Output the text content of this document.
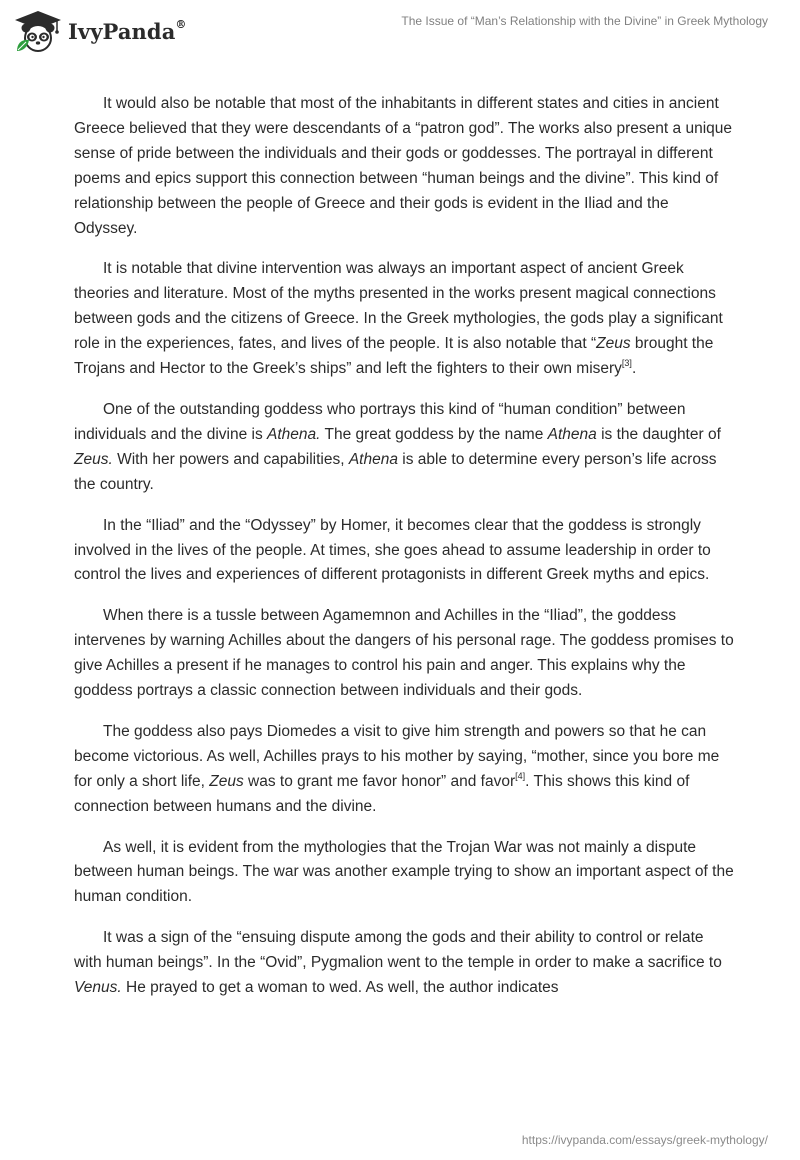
IvyPanda®	The Issue of “Man’s Relationship with the Divine” in Greek Mythology

It would also be notable that most of the inhabitants in different states and cities in ancient Greece believed that they were descendants of a “patron god”. The works also present a unique sense of pride between the individuals and their gods or goddesses. The portrayal in different poems and epics support this connection between “human beings and the divine”. This kind of relationship between the people of Greece and their gods is evident in the Iliad and the Odyssey.

It is notable that divine intervention was always an important aspect of ancient Greek theories and literature. Most of the myths presented in the works present magical connections between gods and the citizens of Greece. In the Greek mythologies, the gods play a significant role in the experiences, fates, and lives of the people. It is also notable that “Zeus brought the Trojans and Hector to the Greek’s ships” and left the fighters to their own misery[3].

One of the outstanding goddess who portrays this kind of “human condition” between individuals and the divine is Athena. The great goddess by the name Athena is the daughter of Zeus. With her powers and capabilities, Athena is able to determine every person’s life across the country.

In the “Iliad” and the “Odyssey” by Homer, it becomes clear that the goddess is strongly involved in the lives of the people. At times, she goes ahead to assume leadership in order to control the lives and experiences of different protagonists in different Greek myths and epics.

When there is a tussle between Agamemnon and Achilles in the “Iliad”, the goddess intervenes by warning Achilles about the dangers of his personal rage. The goddess promises to give Achilles a present if he manages to control his pain and anger. This explains why the goddess portrays a classic connection between individuals and their gods.

The goddess also pays Diomedes a visit to give him strength and powers so that he can become victorious. As well, Achilles prays to his mother by saying, “mother, since you bore me for only a short life, Zeus was to grant me favor honor” and favor[4]. This shows this kind of connection between humans and the divine.

As well, it is evident from the mythologies that the Trojan War was not mainly a dispute between human beings. The war was another example trying to show an important aspect of the human condition.

It was a sign of the “ensuing dispute among the gods and their ability to control or relate with human beings”. In the “Ovid”, Pygmalion went to the temple in order to make a sacrifice to Venus. He prayed to get a woman to wed. As well, the author indicates

https://ivypanda.com/essays/greek-mythology/
